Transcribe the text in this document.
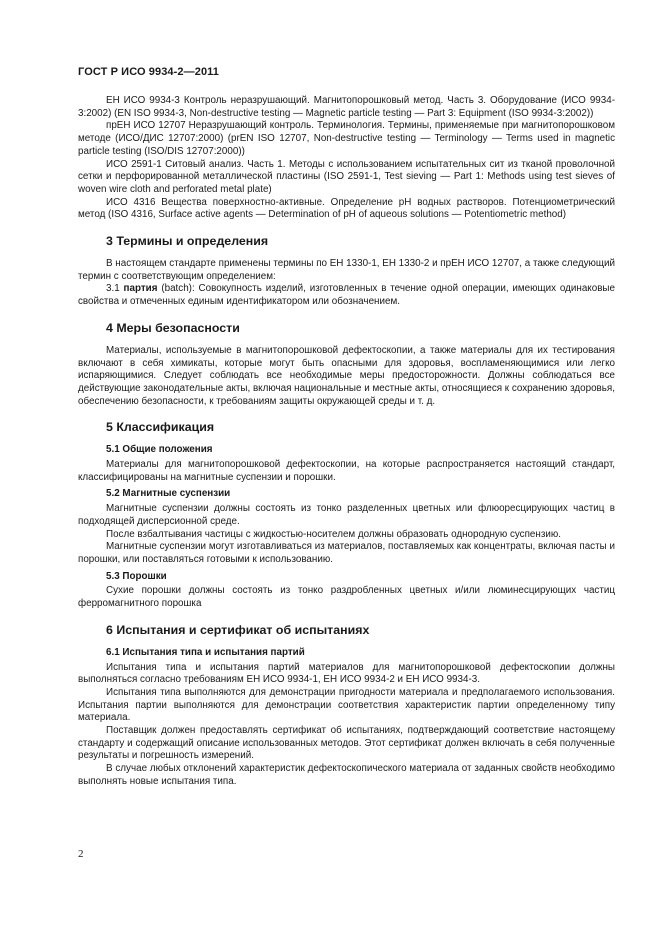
ГОСТ Р ИСО 9934-2—2011

ЕН ИСО 9934-3 Контроль неразрушающий. Магнитопорошковый метод. Часть 3. Оборудование (ИСО 9934-3:2002) (EN ISO 9934-3, Non-destructive testing — Magnetic particle testing — Part 3: Equipment (ISO 9934-3:2002))

прЕН ИСО 12707 Неразрушающий контроль. Терминология. Термины, применяемые при магнитопорошковом методе (ИСО/ДИС 12707:2000) (prEN ISO 12707, Non-destructive testing — Terminology — Terms used in magnetic particle testing (ISO/DIS 12707:2000))

ИСО 2591-1 Ситовый анализ. Часть 1. Методы с использованием испытательных сит из тканой проволочной сетки и перфорированной металлической пластины (ISO 2591-1, Test sieving — Part 1: Methods using test sieves of woven wire cloth and perforated metal plate)

ИСО 4316 Вещества поверхностно-активные. Определение pH водных растворов. Потенциометрический метод (ISO 4316, Surface active agents — Determination of pH of aqueous solutions — Potentiometric method)

3 Термины и определения

В настоящем стандарте применены термины по ЕН 1330-1, ЕН 1330-2 и прЕН ИСО 12707, а также следующий термин с соответствующим определением:

3.1 партия (batch): Совокупность изделий, изготовленных в течение одной операции, имеющих одинаковые свойства и отмеченных единым идентификатором или обозначением.

4 Меры безопасности

Материалы, используемые в магнитопорошковой дефектоскопии, а также материалы для их тестирования включают в себя химикаты, которые могут быть опасными для здоровья, воспламеняющимися или легко испаряющимися. Следует соблюдать все необходимые меры предосторожности. Должны соблюдаться все действующие законодательные акты, включая национальные и местные акты, относящиеся к сохранению здоровья, обеспечению безопасности, к требованиям защиты окружающей среды и т. д.

5 Классификация
5.1 Общие положения

Материалы для магнитопорошковой дефектоскопии, на которые распространяется настоящий стандарт, классифицированы на магнитные суспензии и порошки.

5.2 Магнитные суспензии

Магнитные суспензии должны состоять из тонко разделенных цветных или флюоресцирующих частиц в подходящей дисперсионной среде.

После взбалтывания частицы с жидкостью-носителем должны образовать однородную суспензию.

Магнитные суспензии могут изготавливаться из материалов, поставляемых как концентраты, включая пасты и порошки, или поставляться готовыми к использованию.

5.3 Порошки

Сухие порошки должны состоять из тонко раздробленных цветных и/или люминесцирующих частиц ферромагнитного порошка

6 Испытания и сертификат об испытаниях
6.1 Испытания типа и испытания партий

Испытания типа и испытания партий материалов для магнитопорошковой дефектоскопии должны выполняться согласно требованиям ЕН ИСО 9934-1, ЕН ИСО 9934-2 и ЕН ИСО 9934-3.

Испытания типа выполняются для демонстрации пригодности материала и предполагаемого использования. Испытания партии выполняются для демонстрации соответствия характеристик партии определенному типу материала.

Поставщик должен предоставлять сертификат об испытаниях, подтверждающий соответствие настоящему стандарту и содержащий описание использованных методов. Этот сертификат должен включать в себя полученные результаты и погрешность измерений.

В случае любых отклонений характеристик дефектоскопического материала от заданных свойств необходимо выполнять новые испытания типа.

2
